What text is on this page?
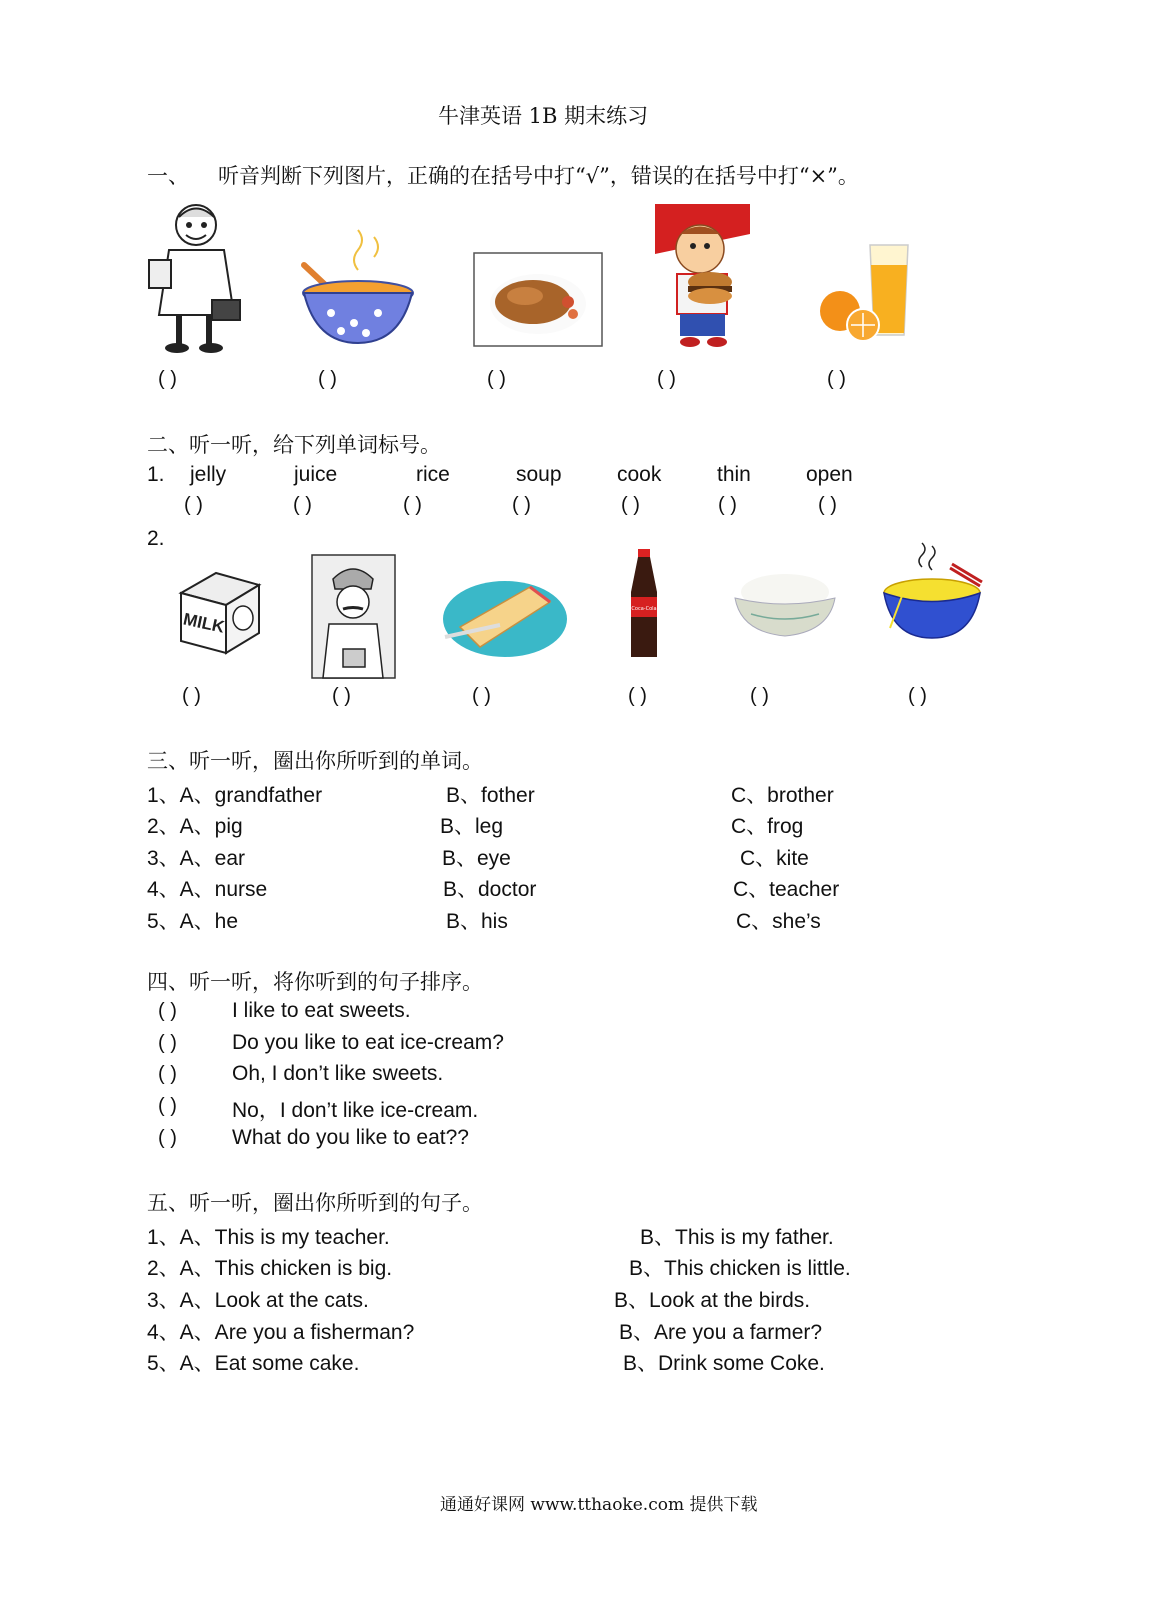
牛津英语 1B 期末练习
一、 听音判断下列图片，正确的在括号中打“√”，错误的在括号中打“×”。
( )	( )	( )	( )	( )
二、听一听，给下列单词标号。
1. jelly	juice	rice	soup	cook	thin	open
( )	( )	( )	( )	( )	( )	( )
2.
MILK
Coca-Cola
( )	( )	( )	( )	( )	( )
三、听一听，圈出你所听到的单词。
1、A、grandfather	B、fother	C、brother
2、A、pig	B、leg	C、frog
3、A、ear	B、eye	C、kite
4、A、nurse	B、doctor	C、teacher
5、A、he	B、his	C、she’s
四、听一听，将你听到的句子排序。
( )	I like to eat sweets.
( )	Do you like to eat ice-cream?
( )	Oh, I don’t like sweets.
( )	No，I don’t like ice-cream.
( )	What do you like to eat??
五、听一听，圈出你所听到的句子。
1、A、This is my teacher.	B、This is my father.
2、A、This chicken is big.	B、This chicken is little.
3、A、Look at the cats.	B、Look at the birds.
4、A、Are you a fisherman?	B、Are you a farmer?
5、A、Eat some cake.	B、Drink some Coke.
通通好课网 www.tthaoke.com 提供下载
